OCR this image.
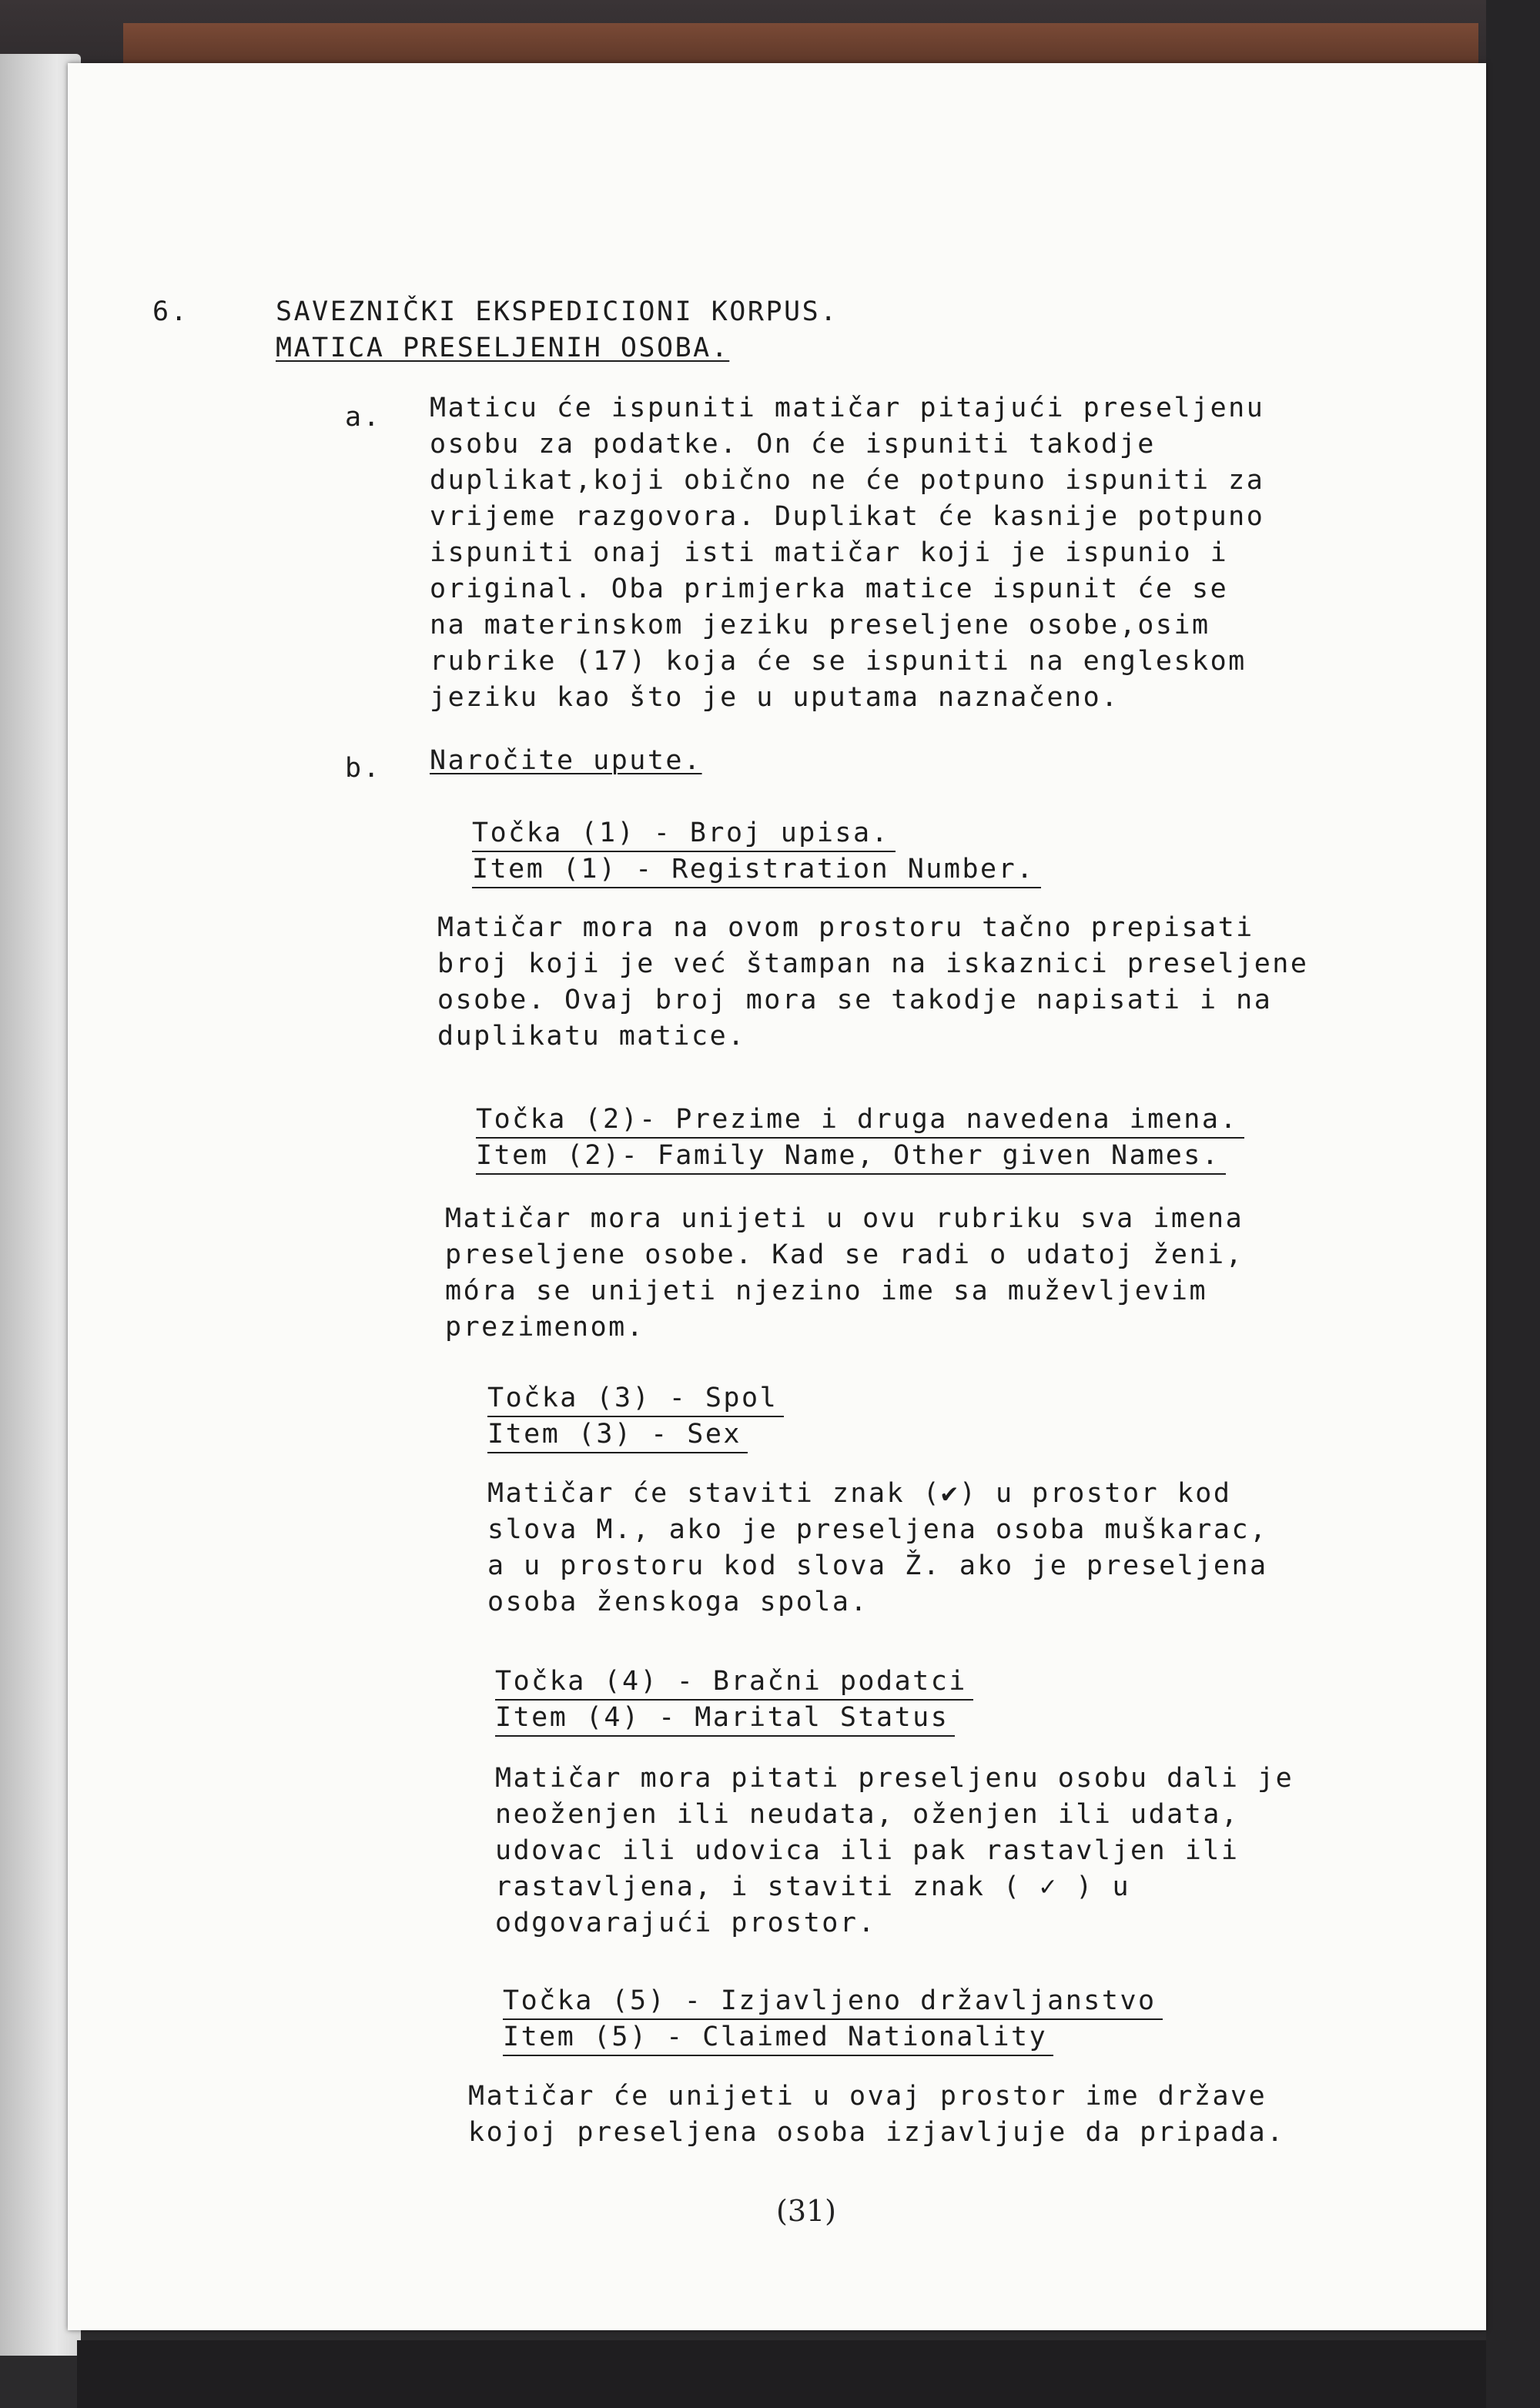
6.	SAVEZNIČKI EKSPEDICIONI KORPUS.
MATICA PRESELJENIH OSOBA.
a. Maticu će ispuniti matičar pitajući preseljenu
osobu za podatke. On će ispuniti takodje
duplikat,koji obično ne će potpuno ispuniti za
vrijeme razgovora. Duplikat će kasnije potpuno
ispuniti onaj isti matičar koji je ispunio i
original. Oba primjerka matice ispunit će se
na materinskom jeziku preseljene osobe,osim
rubrike (17) koja će se ispuniti na engleskom
jeziku kao što je u uputama naznačeno.
b. Naročite upute.
Točka (1) - Broj upisa.
Item (1) - Registration Number.
Matičar mora na ovom prostoru tačno prepisati
broj koji je već štampan na iskaznici preseljene
osobe. Ovaj broj mora se takodje napisati i na
duplikatu matice.
Točka (2)- Prezime i druga navedena imena.
Item (2)- Family Name, Other given Names.
Matičar mora unijeti u ovu rubriku sva imena
preseljene osobe. Kad se radi o udatoj ženi,
móra se unijeti njezino ime sa muževljevim
prezimenom.
Točka (3) - Spol
Item (3) - Sex
Matičar će staviti znak (✔) u prostor kod
slova M., ako je preseljena osoba muškarac,
a u prostoru kod slova Ž. ako je preseljena
osoba ženskoga spola.
Točka (4) - Bračni podatci
Item (4) - Marital Status
Matičar mora pitati preseljenu osobu dali je
neoženjen ili neudata, oženjen ili udata,
udovac ili udovica ili pak rastavljen ili
rastavljena, i staviti znak ( ✓ ) u
odgovarajući prostor.
Točka (5) - Izjavljeno državljanstvo
Item (5) - Claimed Nationality
Matičar će unijeti u ovaj prostor ime države
kojoj preseljena osoba izjavljuje da pripada.
(31)
